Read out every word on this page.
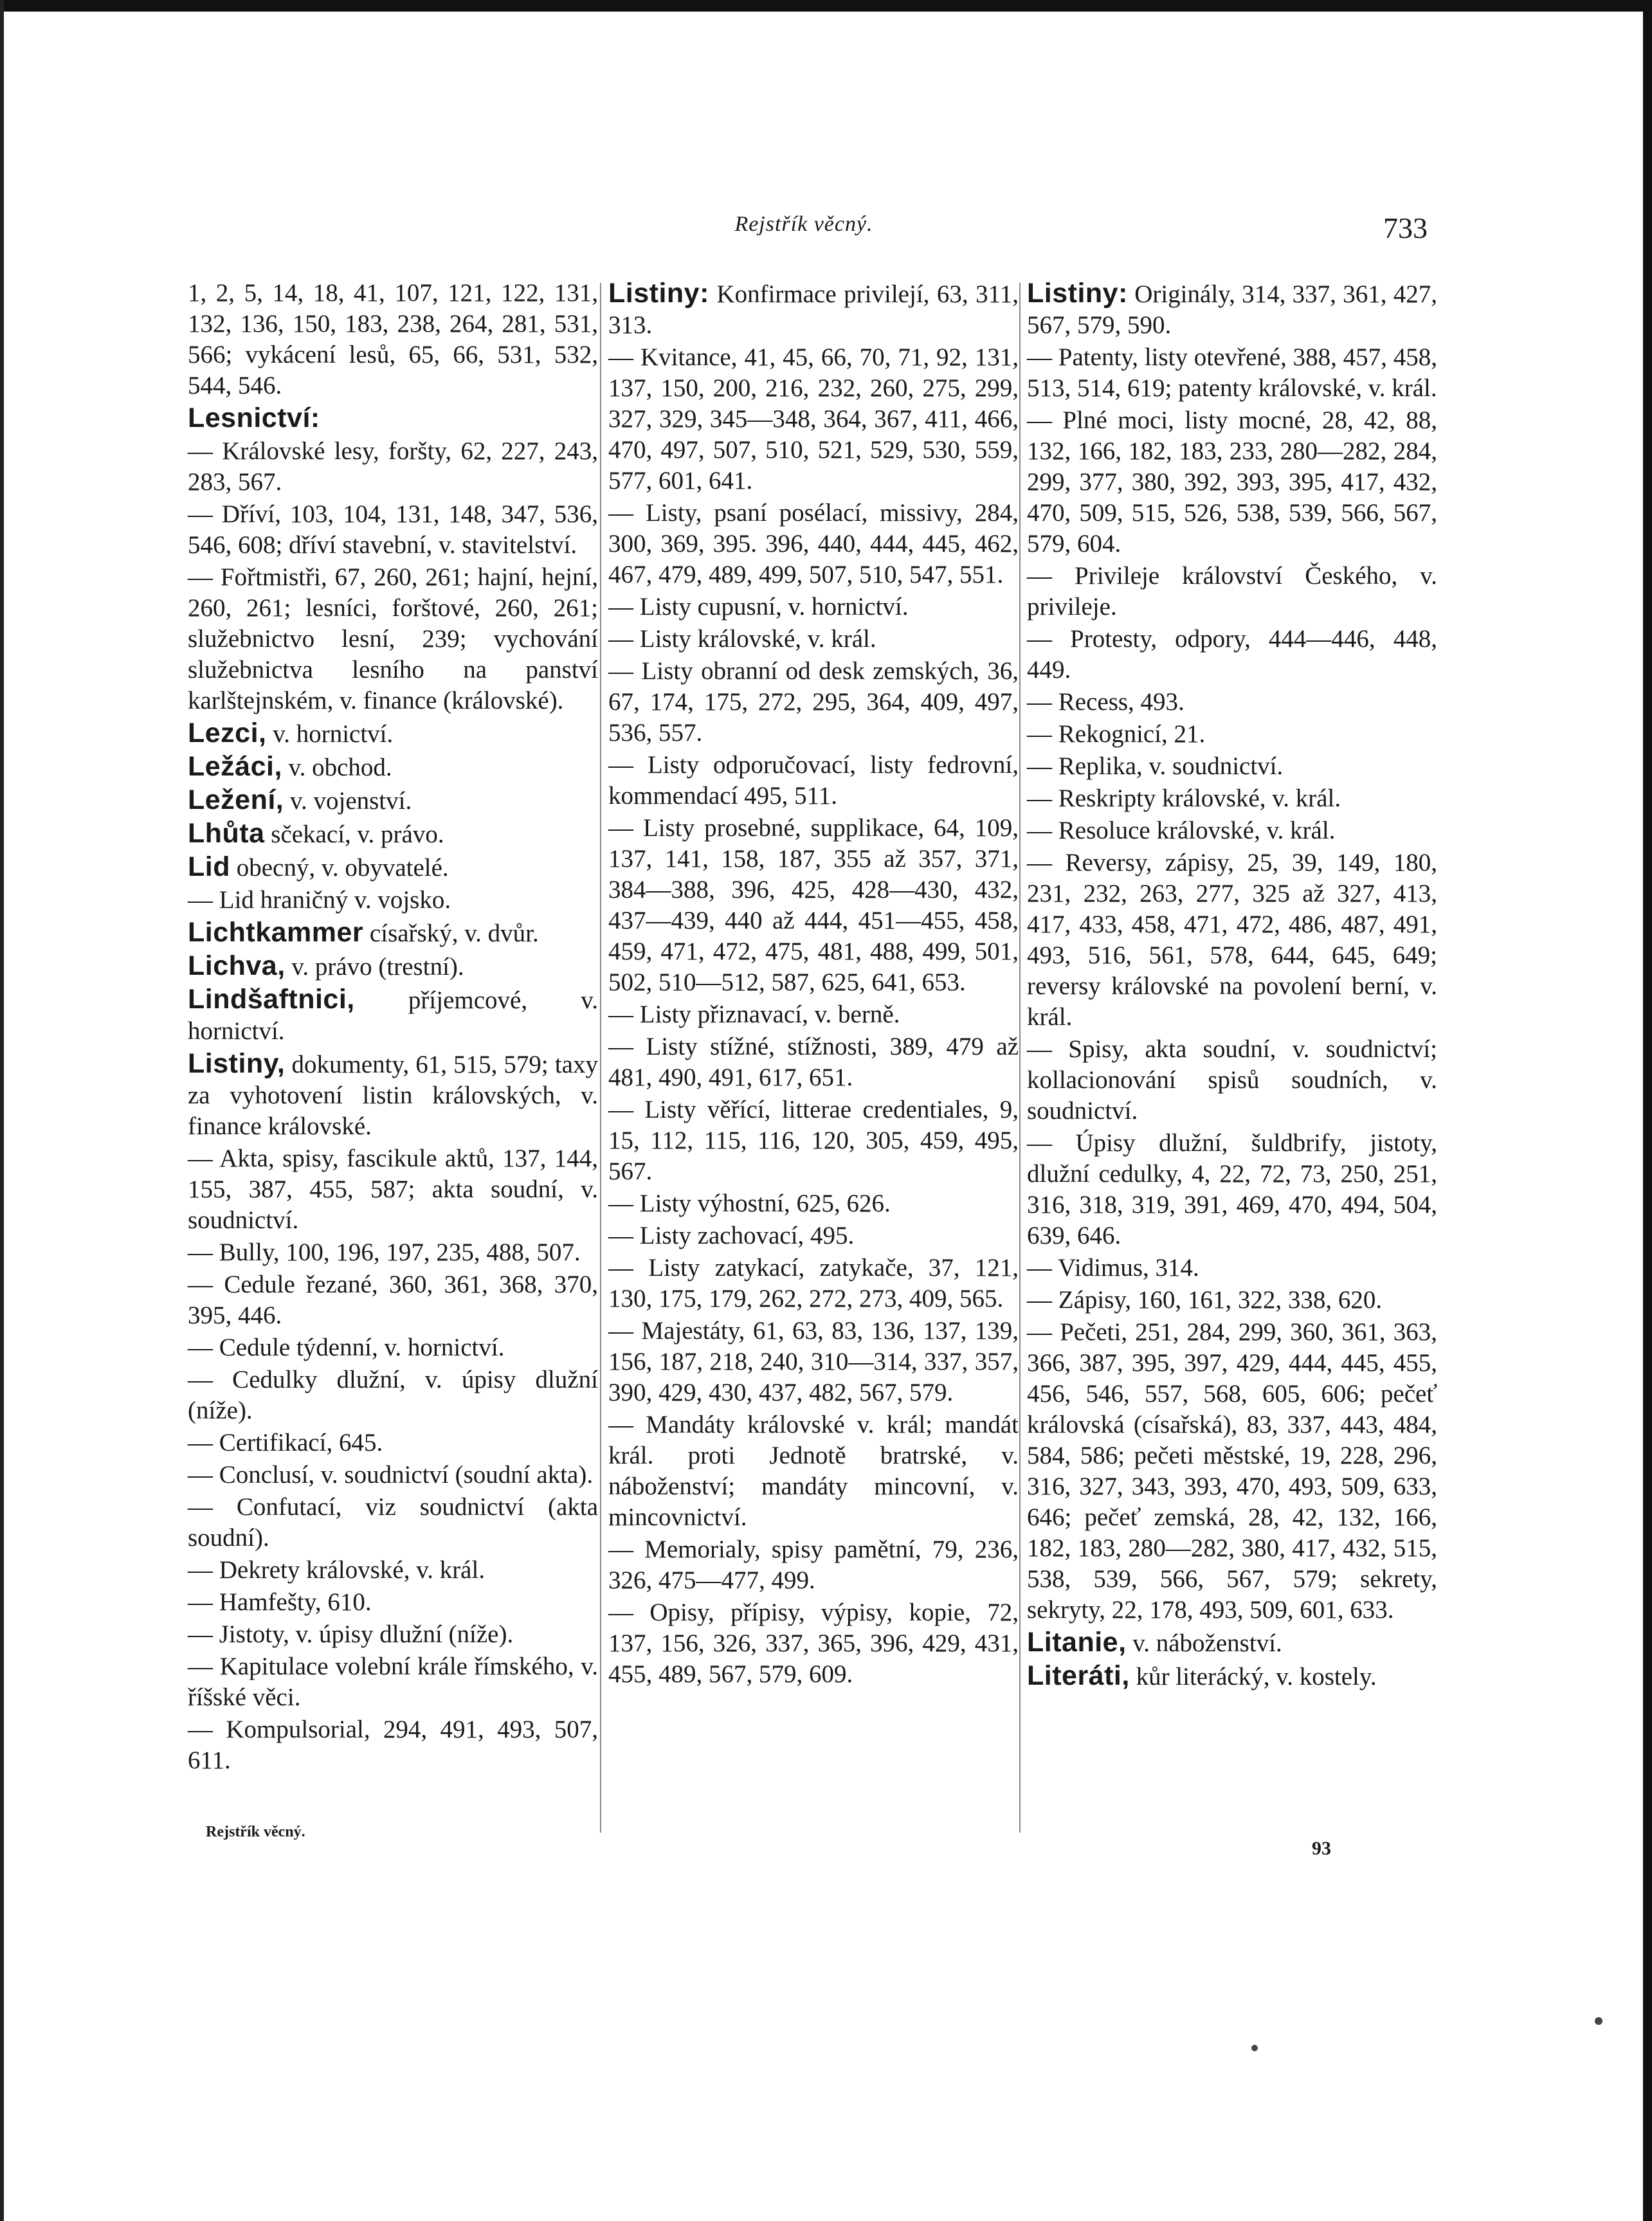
Rejstřík věcný.	733
1, 2, 5, 14, 18, 41, 107, 121, 122, 131, 132, 136, 150, 183, 238, 264, 281, 531, 566; vykácení lesů, 65, 66, 531, 532, 544, 546.
Lesnictví:
— Královské lesy, foršty, 62, 227, 243, 283, 567.
— Dříví, 103, 104, 131, 148, 347, 536, 546, 608; dříví stavební, v. stavitelství.
— Fořtmistři, 67, 260, 261; hajní, hejní, 260, 261; lesníci, forštové, 260, 261; služebnictvo lesní, 239; vychování služebnictva lesního na panství karlštejnském, v. finance (královské).
Lezci, v. hornictví.
Ležáci, v. obchod.
Ležení, v. vojenství.
Lhůta sčekací, v. právo.
Lid obecný, v. obyvatelé.
— Lid hraničný v. vojsko.
Lichtkammer císařský, v. dvůr.
Lichva, v. právo (trestní).
Lindšaftnici, příjemcové, v. hornictví.
Listiny, dokumenty, 61, 515, 579; taxy za vyhotovení listin královských, v. finance královské.
— Akta, spisy, fascikule aktů, 137, 144, 155, 387, 455, 587; akta soudní, v. soudnictví.
— Bully, 100, 196, 197, 235, 488, 507.
— Cedule řezané, 360, 361, 368, 370, 395, 446.
— Cedule týdenní, v. hornictví.
— Cedulky dlužní, v. úpisy dlužní (níže).
— Certifikací, 645.
— Conclusí, v. soudnictví (soudní akta).
— Confutací, viz soudnictví (akta soudní).
— Dekrety královské, v. král.
— Hamfešty, 610.
— Jistoty, v. úpisy dlužní (níže).
— Kapitulace volební krále římského, v. říšské věci.
— Kompulsorial, 294, 491, 493, 507, 611.
Listiny: Konfirmace privilejí, 63, 311, 313.
— Kvitance, 41, 45, 66, 70, 71, 92, 131, 137, 150, 200, 216, 232, 260, 275, 299, 327, 329, 345—348, 364, 367, 411, 466, 470, 497, 507, 510, 521, 529, 530, 559, 577, 601, 641.
— Listy, psaní posélací, missivy, 284, 300, 369, 395. 396, 440, 444, 445, 462, 467, 479, 489, 499, 507, 510, 547, 551.
— Listy cupusní, v. hornictví.
— Listy královské, v. král.
— Listy obranní od desk zemských, 36, 67, 174, 175, 272, 295, 364, 409, 497, 536, 557.
— Listy odporučovací, listy fedrovní, kommendací 495, 511.
— Listy prosebné, supplikace, 64, 109, 137, 141, 158, 187, 355 až 357, 371, 384—388, 396, 425, 428—430, 432, 437—439, 440 až 444, 451—455, 458, 459, 471, 472, 475, 481, 488, 499, 501, 502, 510—512, 587, 625, 641, 653.
— Listy přiznavací, v. berně.
— Listy stížné, stížnosti, 389, 479 až 481, 490, 491, 617, 651.
— Listy věřící, litterae credentiales, 9, 15, 112, 115, 116, 120, 305, 459, 495, 567.
— Listy výhostní, 625, 626.
— Listy zachovací, 495.
— Listy zatykací, zatykače, 37, 121, 130, 175, 179, 262, 272, 273, 409, 565.
— Majestáty, 61, 63, 83, 136, 137, 139, 156, 187, 218, 240, 310—314, 337, 357, 390, 429, 430, 437, 482, 567, 579.
— Mandáty královské v. král; mandát král. proti Jednotě bratrské, v. náboženství; mandáty mincovní, v. mincovnictví.
— Memorialy, spisy pamětní, 79, 236, 326, 475—477, 499.
— Opisy, přípisy, výpisy, kopie, 72, 137, 156, 326, 337, 365, 396, 429, 431, 455, 489, 567, 579, 609.
Listiny: Originály, 314, 337, 361, 427, 567, 579, 590.
— Patenty, listy otevřené, 388, 457, 458, 513, 514, 619; patenty královské, v. král.
— Plné moci, listy mocné, 28, 42, 88, 132, 166, 182, 183, 233, 280—282, 284, 299, 377, 380, 392, 393, 395, 417, 432, 470, 509, 515, 526, 538, 539, 566, 567, 579, 604.
— Privileje království Českého, v. privileje.
— Protesty, odpory, 444—446, 448, 449.
— Recess, 493.
— Rekognicí, 21.
— Replika, v. soudnictví.
— Reskripty královské, v. král.
— Resoluce královské, v. král.
— Reversy, zápisy, 25, 39, 149, 180, 231, 232, 263, 277, 325 až 327, 413, 417, 433, 458, 471, 472, 486, 487, 491, 493, 516, 561, 578, 644, 645, 649; reversy královské na povolení berní, v. král.
— Spisy, akta soudní, v. soudnictví; kollacionování spisů soudních, v. soudnictví.
— Úpisy dlužní, šuldbrify, jistoty, dlužní cedulky, 4, 22, 72, 73, 250, 251, 316, 318, 319, 391, 469, 470, 494, 504, 639, 646.
— Vidimus, 314.
— Zápisy, 160, 161, 322, 338, 620.
— Pečeti, 251, 284, 299, 360, 361, 363, 366, 387, 395, 397, 429, 444, 445, 455, 456, 546, 557, 568, 605, 606; pečeť královská (císařská), 83, 337, 443, 484, 584, 586; pečeti městské, 19, 228, 296, 316, 327, 343, 393, 470, 493, 509, 633, 646; pečeť zemská, 28, 42, 132, 166, 182, 183, 280—282, 380, 417, 432, 515, 538, 539, 566, 567, 579; sekrety, sekryty, 22, 178, 493, 509, 601, 633.
Litanie, v. náboženství.
Literáti, kůr literácký, v. kostely.
Rejstřík věcný.
93
